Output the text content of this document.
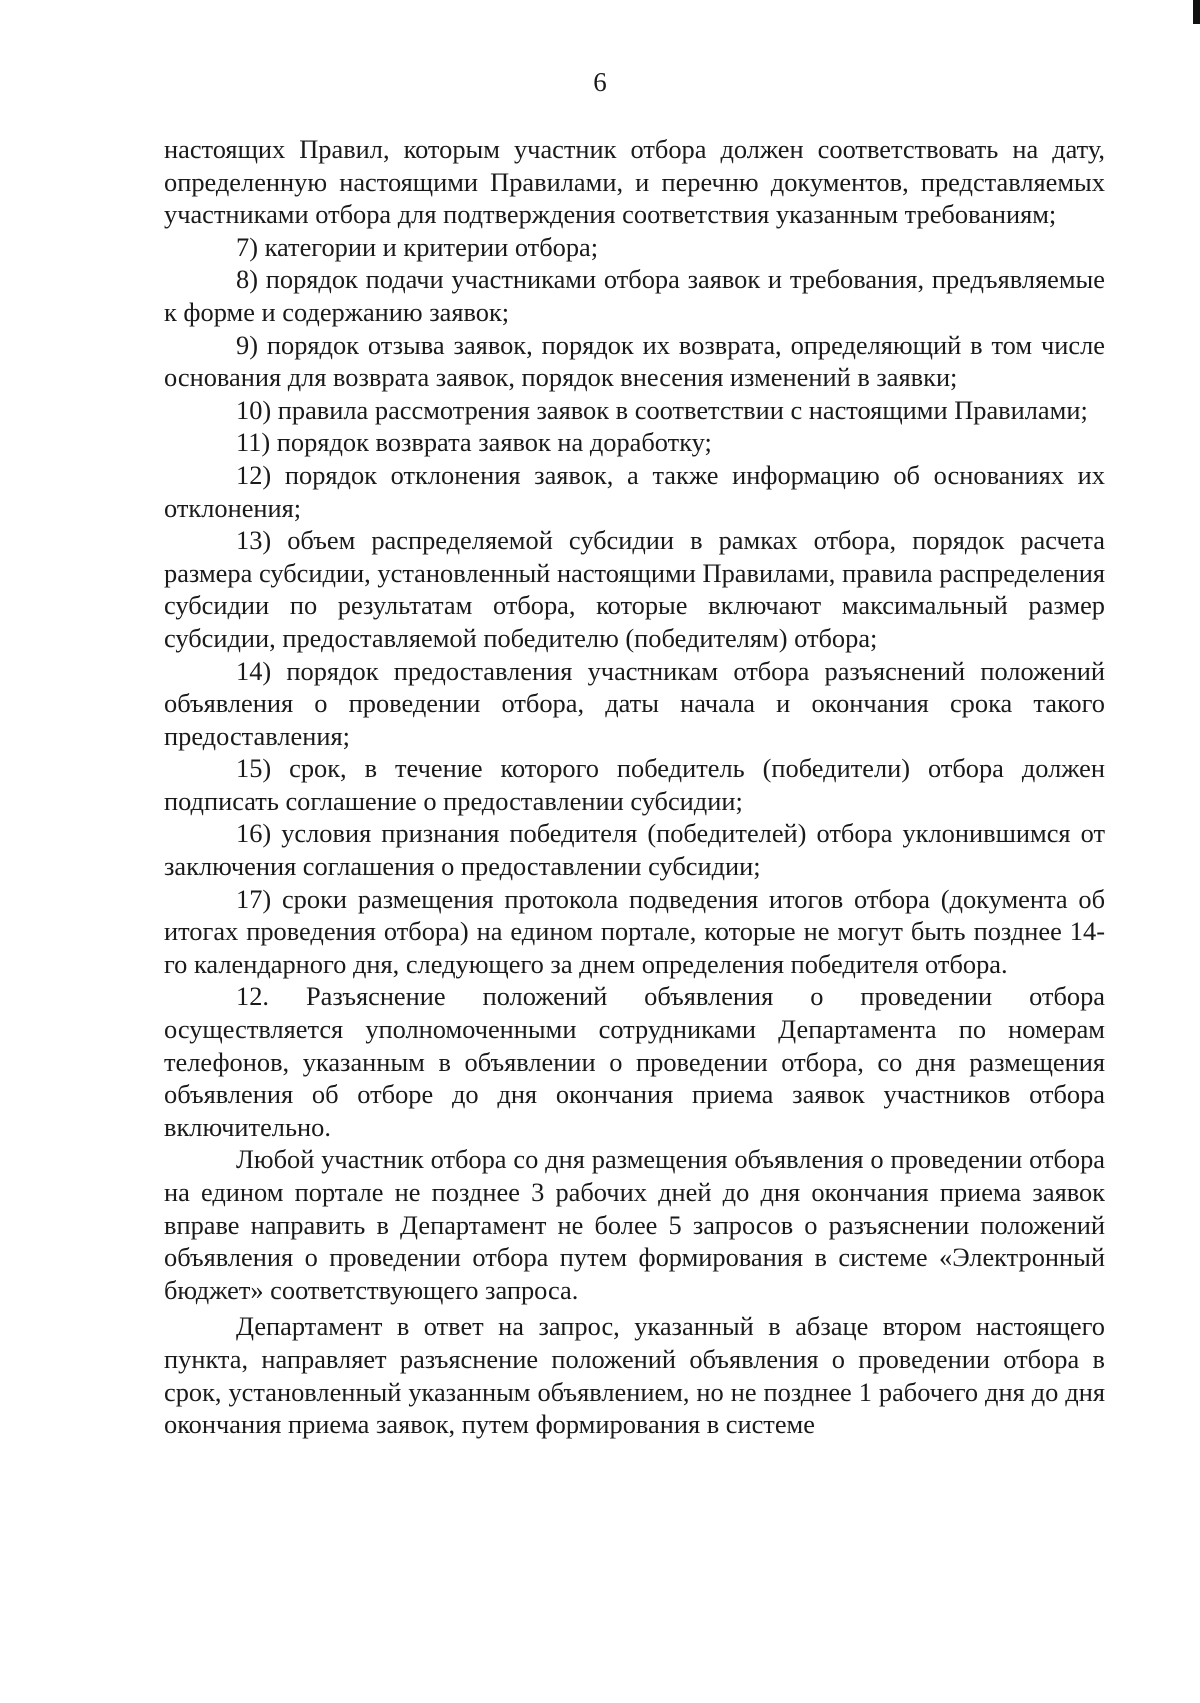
6

настоящих Правил, которым участник отбора должен соответствовать на дату, определенную настоящими Правилами, и перечню документов, представляемых участниками отбора для подтверждения соответствия указанным требованиям;

7) категории и критерии отбора;

8) порядок подачи участниками отбора заявок и требования, предъявляемые к форме и содержанию заявок;

9) порядок отзыва заявок, порядок их возврата, определяющий в том числе основания для возврата заявок, порядок внесения изменений в заявки;

10) правила рассмотрения заявок в соответствии с настоящими Правилами;

11) порядок возврата заявок на доработку;

12) порядок отклонения заявок, а также информацию об основаниях их отклонения;

13) объем распределяемой субсидии в рамках отбора, порядок расчета размера субсидии, установленный настоящими Правилами, правила распределения субсидии по результатам отбора, которые включают максимальный размер субсидии, предоставляемой победителю (победителям) отбора;

14) порядок предоставления участникам отбора разъяснений положений объявления о проведении отбора, даты начала и окончания срока такого предоставления;

15) срок, в течение которого победитель (победители) отбора должен подписать соглашение о предоставлении субсидии;

16) условия признания победителя (победителей) отбора уклонившимся от заключения соглашения о предоставлении субсидии;

17) сроки размещения протокола подведения итогов отбора (документа об итогах проведения отбора) на едином портале, которые не могут быть позднее 14-го календарного дня, следующего за днем определения победителя отбора.

12. Разъяснение положений объявления о проведении отбора осуществляется уполномоченными сотрудниками Департамента по номерам телефонов, указанным в объявлении о проведении отбора, со дня размещения объявления об отборе до дня окончания приема заявок участников отбора включительно.

Любой участник отбора со дня размещения объявления о проведении отбора на едином портале не позднее 3 рабочих дней до дня окончания приема заявок вправе направить в Департамент не более 5 запросов о разъяснении положений объявления о проведении отбора путем формирования в системе «Электронный бюджет» соответствующего запроса.

Департамент в ответ на запрос, указанный в абзаце втором настоящего пункта, направляет разъяснение положений объявления о проведении отбора в срок, установленный указанным объявлением, но не позднее 1 рабочего дня до дня окончания приема заявок, путем формирования в системе
